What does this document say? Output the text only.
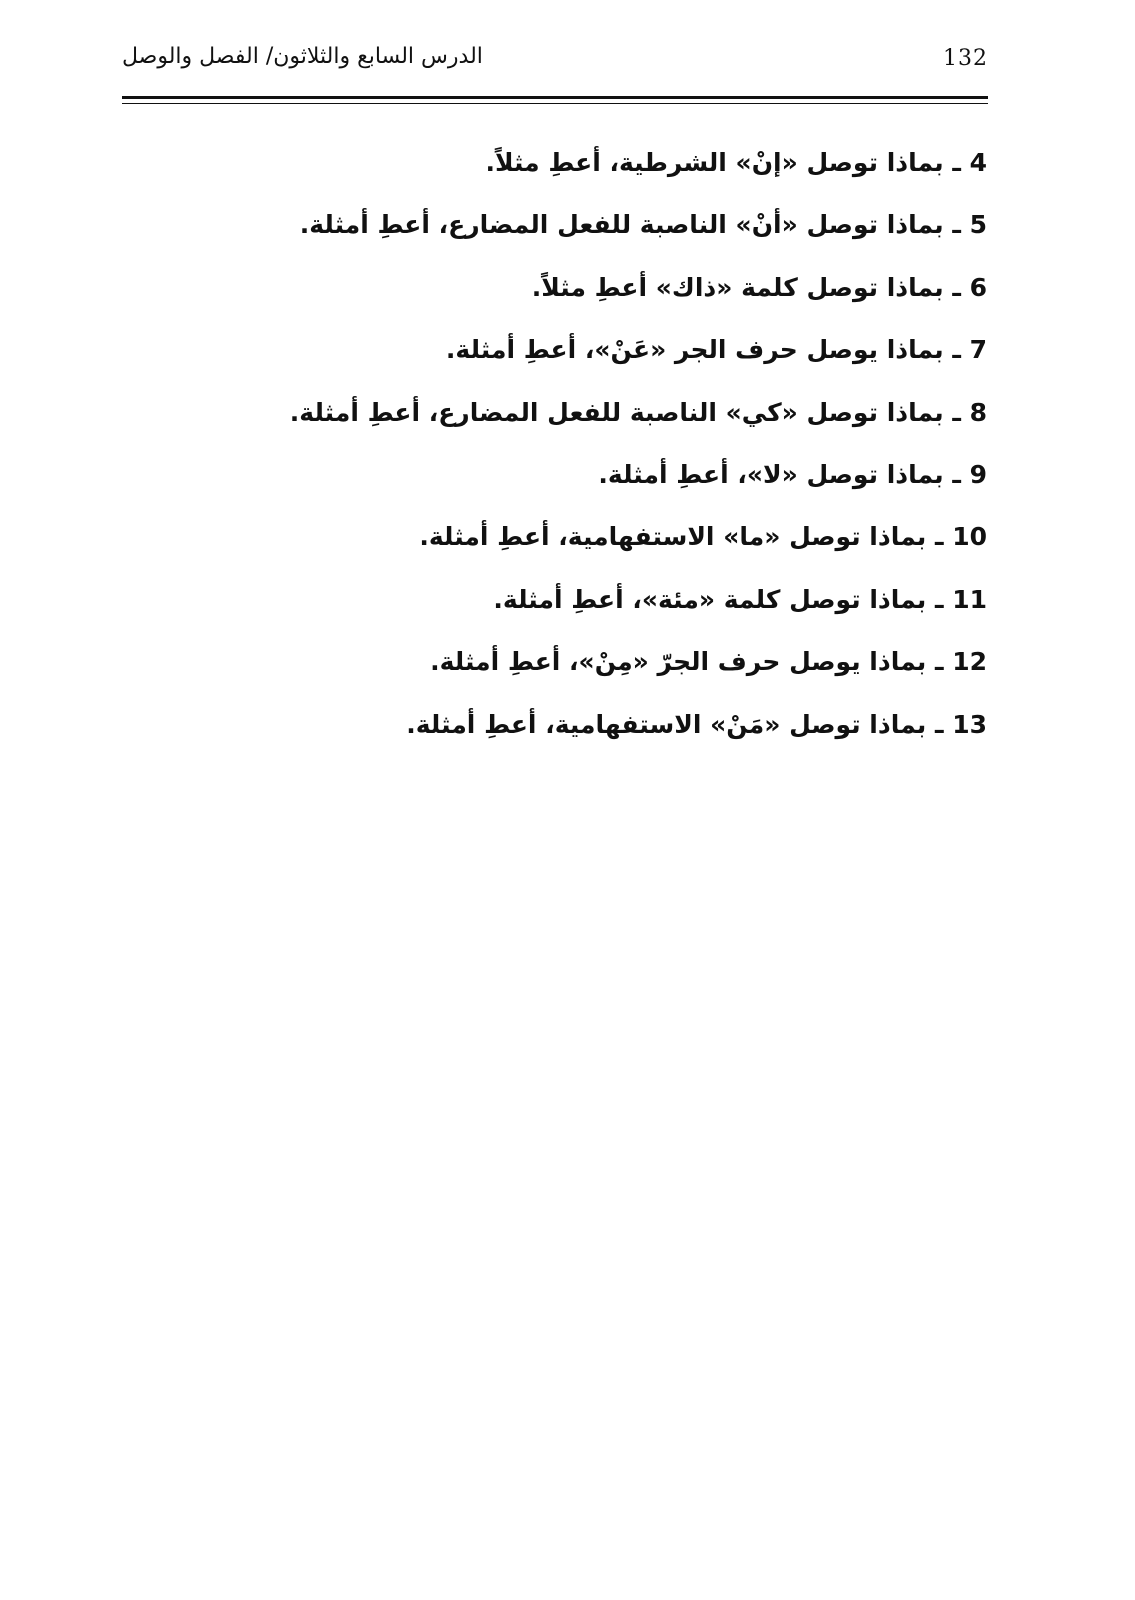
132
الدرس السابع والثلاثون/ الفصل والوصل
4 ـ بماذا توصل «إنْ» الشرطية، أعطِ مثلاً.
5 ـ بماذا توصل «أنْ» الناصبة للفعل المضارع، أعطِ أمثلة.
6 ـ بماذا توصل كلمة «ذاك» أعطِ مثلاً.
7 ـ بماذا يوصل حرف الجر «عَنْ»، أعطِ أمثلة.
8 ـ بماذا توصل «كي» الناصبة للفعل المضارع، أعطِ أمثلة.
9 ـ بماذا توصل «لا»، أعطِ أمثلة.
10 ـ بماذا توصل «ما» الاستفهامية، أعطِ أمثلة.
11 ـ بماذا توصل كلمة «مئة»، أعطِ أمثلة.
12 ـ بماذا يوصل حرف الجرّ «مِنْ»، أعطِ أمثلة.
13 ـ بماذا توصل «مَنْ» الاستفهامية، أعطِ أمثلة.
